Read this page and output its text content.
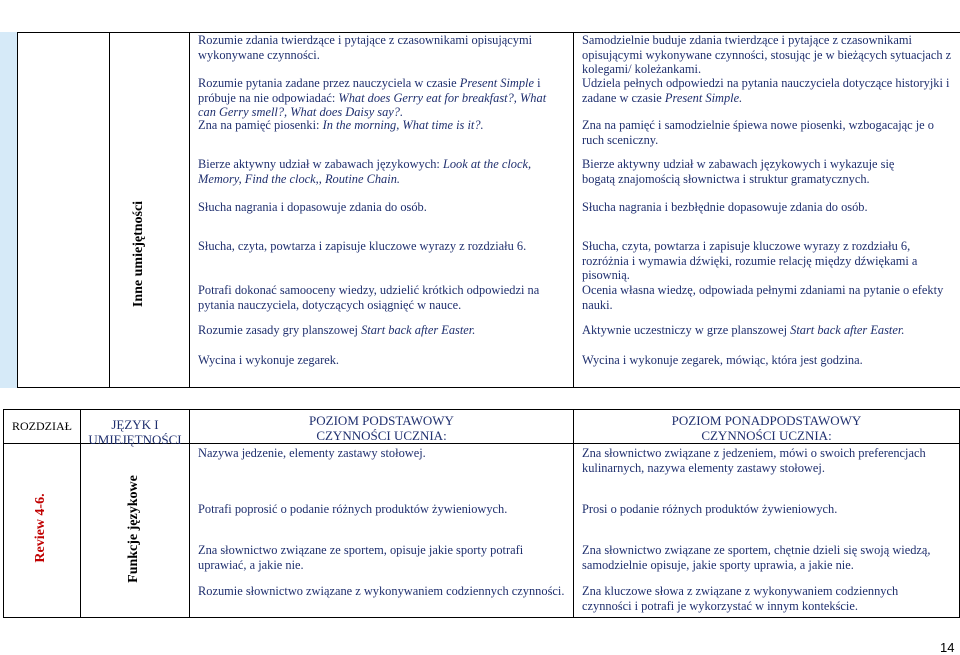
Inne umiejętności
Rozumie zdania twierdzące i pytające z czasownikami opisującymi wykonywane czynności.
Rozumie pytania zadane przez nauczyciela w czasie Present Simple i próbuje na nie odpowiadać: What does Gerry eat for breakfast?, What can Gerry smell?, What does Daisy say?.
Zna na pamięć piosenki: In the morning, What time is it?.
Bierze aktywny udział w zabawach językowych: Look at the clock, Memory, Find the clock,, Routine Chain.
Słucha nagrania i dopasowuje zdania do osób.
Słucha, czyta, powtarza i zapisuje kluczowe wyrazy z rozdziału 6.
Potrafi dokonać samooceny wiedzy, udzielić krótkich odpowiedzi na pytania nauczyciela, dotyczących osiągnięć w nauce.
Rozumie zasady gry planszowej Start back after Easter.
Wycina i wykonuje zegarek.
Samodzielnie buduje zdania twierdzące i pytające z czasownikami opisującymi wykonywane czynności, stosując je w bieżących sytuacjach z kolegami/ koleżankami.
Udziela pełnych odpowiedzi na pytania nauczyciela dotyczące historyjki i zadane w czasie Present Simple.
Zna na pamięć i samodzielnie śpiewa nowe piosenki, wzbogacając je o ruch sceniczny.
Bierze aktywny udział w zabawach językowych i wykazuje się bogatą znajomością słownictwa i struktur gramatycznych.
Słucha nagrania i bezbłędnie dopasowuje zdania do osób.
Słucha, czyta, powtarza i zapisuje kluczowe wyrazy z rozdziału 6, rozróżnia i wymawia dźwięki, rozumie relację między dźwiękami a pisownią.
Ocenia własna wiedzę, odpowiada pełnymi zdaniami na pytanie o efekty nauki.
Aktywnie uczestniczy w grze planszowej Start back after Easter.
Wycina i wykonuje zegarek, mówiąc, która jest godzina.
ROZDZIAŁ	JĘZYK I
UMIEJĘTNOŚCI
POZIOM PODSTAWOWY
CZYNNOŚCI UCZNIA:
POZIOM PONADPODSTAWOWY
CZYNNOŚCI UCZNIA:
Review 4-6.	Funkcje językowe
Nazywa jedzenie, elementy zastawy stołowej.
Potrafi poprosić o podanie różnych produktów żywieniowych.
Zna słownictwo związane ze sportem, opisuje jakie sporty potrafi uprawiać, a jakie nie.
Rozumie słownictwo związane z wykonywaniem codziennych czynności.
Zna słownictwo związane z jedzeniem, mówi o swoich preferencjach kulinarnych, nazywa elementy zastawy stołowej.
Prosi o podanie różnych produktów żywieniowych.
Zna słownictwo związane ze sportem, chętnie dzieli się swoją wiedzą, samodzielnie opisuje, jakie sporty uprawia, a jakie nie.
Zna kluczowe słowa z związane z wykonywaniem codziennych czynności i potrafi je wykorzystać w innym kontekście.
14
